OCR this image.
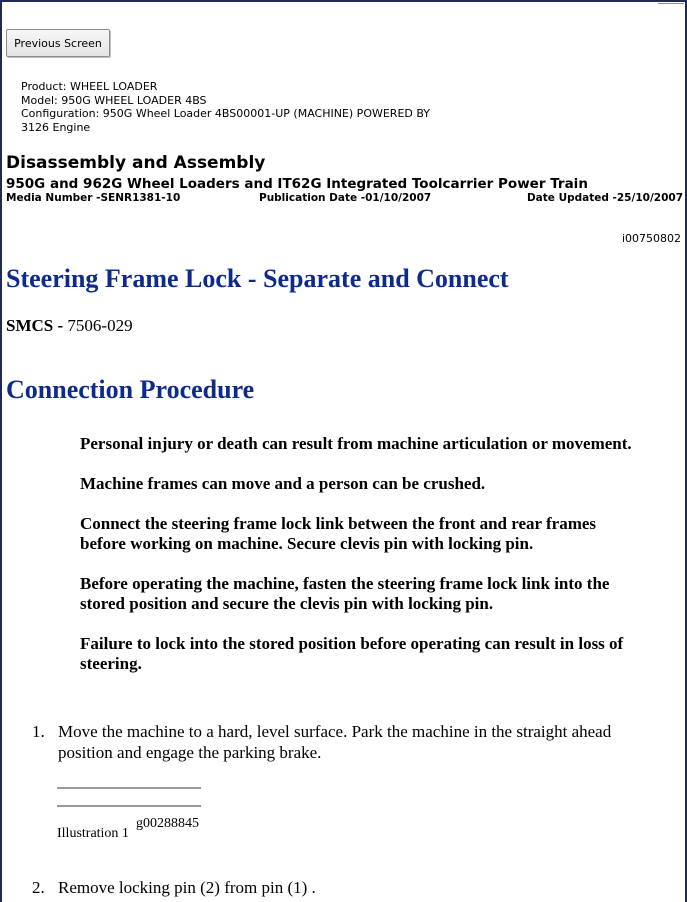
Previous Screen
Product: WHEEL LOADER
Model: 950G WHEEL LOADER 4BS
Configuration: 950G Wheel Loader 4BS00001-UP (MACHINE) POWERED BY 3126 Engine
Disassembly and Assembly
950G and 962G Wheel Loaders and IT62G Integrated Toolcarrier Power Train
Media Number -SENR1381-10	Publication Date -01/10/2007	Date Updated -25/10/2007
i00750802
Steering Frame Lock - Separate and Connect
SMCS - 7506-029
Connection Procedure

Personal injury or death can result from machine articulation or movement.

Machine frames can move and a person can be crushed.

Connect the steering frame lock link between the front and rear frames before working on machine. Secure clevis pin with locking pin.

Before operating the machine, fasten the steering frame lock link into the stored position and secure the clevis pin with locking pin.

Failure to lock into the stored position before operating can result in loss of steering.

1. Move the machine to a hard, level surface. Park the machine in the straight ahead position and engage the parking brake.
Illustration 1
g00288845
2. Remove locking pin (2) from pin (1) .
